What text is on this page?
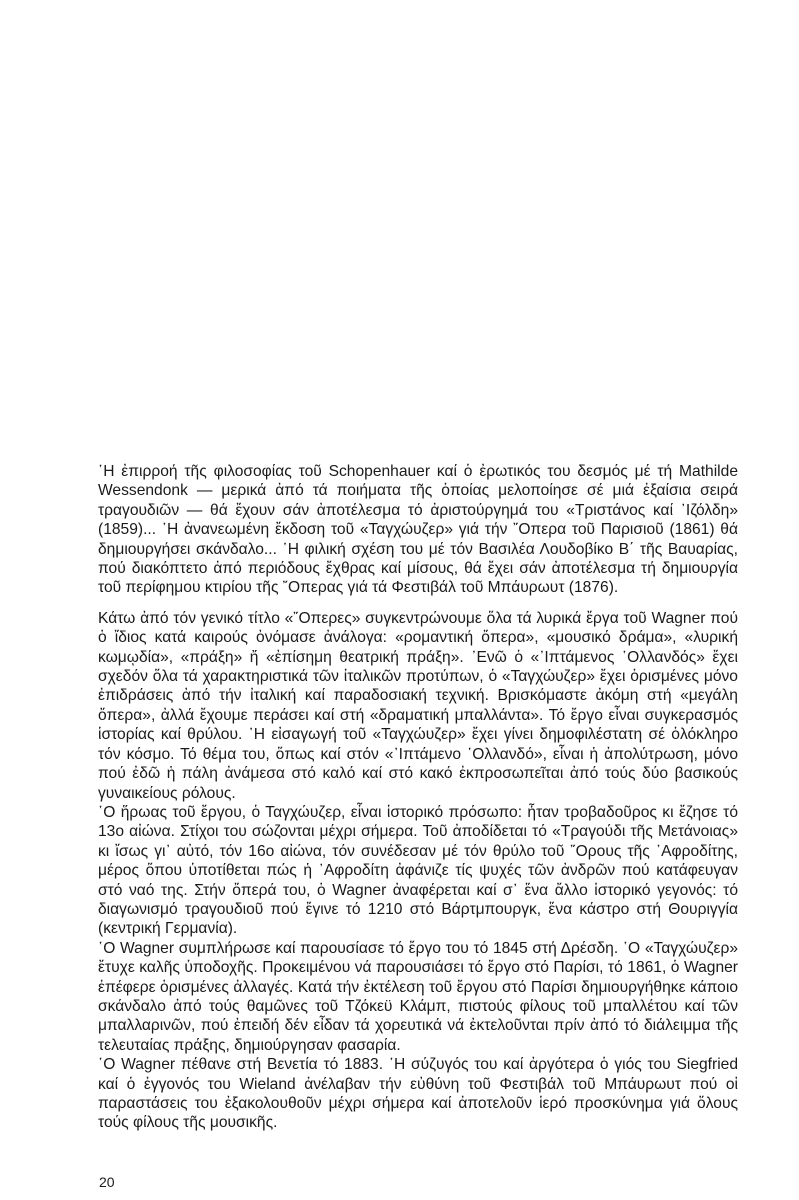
῾Η ἐπιρροή τῆς φιλοσοφίας τοῦ Schopenhauer καί ὁ ἐρωτικός του δεσμός μέ τή Mathilde Wessendonk — μερικά ἀπό τά ποιήματα τῆς ὁποίας μελοποίησε σέ μιά ἐξαίσια σειρά τραγουδιῶν — θά ἔχουν σάν ἀποτέλεσμα τό ἀριστούργημά του «Τριστάνος καί ᾽Ιζόλδη» (1859)... ῾Η ἀνανεωμένη ἔκδοση τοῦ «Ταγχώυζερ» γιά τήν ῎Οπερα τοῦ Παρισιοῦ (1861) θά δημιουργήσει σκάνδαλο... ῾Η φιλική σχέση του μέ τόν Βασιλέα Λουδοβίκο Β΄ τῆς Βαυαρίας, πού διακόπτετο ἀπό περιόδους ἔχθρας καί μίσους, θά ἔχει σάν ἀποτέλεσμα τή δημιουργία τοῦ περίφημου κτιρίου τῆς ῎Οπερας γιά τά Φεστιβάλ τοῦ Μπάυρωυτ (1876).

Κάτω ἀπό τόν γενικό τίτλο «῎Οπερες» συγκεντρώνουμε ὅλα τά λυρικά ἔργα τοῦ Wagner πού ὁ ἴδιος κατά καιρούς ὀνόμασε ἀνάλογα: «ρομαντική ὄπερα», «μουσικό δράμα», «λυρική κωμῳδία», «πράξη» ἤ «ἐπίσημη θεατρική πράξη». ᾽Ενῶ ὁ «᾽Ιπτάμενος ῾Ολλανδός» ἔχει σχεδόν ὅλα τά χαρακτηριστικά τῶν ἰταλικῶν προτύπων, ὁ «Ταγχώυζερ» ἔχει ὁρισμένες μόνο ἐπιδράσεις ἀπό τήν ἰταλική καί παραδοσιακή τεχνική. Βρισκόμαστε ἀκόμη στή «μεγάλη ὄπερα», ἀλλά ἔχουμε περάσει καί στή «δραματική μπαλλάντα». Τό ἔργο εἶναι συγκερασμός ἱστορίας καί θρύλου. ῾Η εἰσαγωγή τοῦ «Ταγχώυζερ» ἔχει γίνει δημοφιλέστατη σέ ὁλόκληρο τόν κόσμο. Τό θέμα του, ὅπως καί στόν «᾽Ιπτάμενο ῾Ολλανδό», εἶναι ἡ ἀπολύτρωση, μόνο πού ἐδῶ ἡ πάλη ἀνάμεσα στό καλό καί στό κακό ἐκπροσωπεῖται ἀπό τούς δύο βασικούς γυναικείους ρόλους.

῾Ο ἥρωας τοῦ ἔργου, ὁ Ταγχώυζερ, εἶναι ἱστορικό πρόσωπο: ἦταν τροβαδοῦρος κι ἔζησε τό 13ο αἰώνα. Στίχοι του σώζονται μέχρι σήμερα. Τοῦ ἀποδίδεται τό «Τραγούδι τῆς Μετάνοιας» κι ἴσως γι᾽ αὐτό, τόν 16ο αἰώνα, τόν συνέδεσαν μέ τόν θρύλο τοῦ ῎Ορους τῆς ᾽Αφροδίτης, μέρος ὅπου ὑποτίθεται πώς ἡ ᾽Αφροδίτη ἀφάνιζε τίς ψυχές τῶν ἀνδρῶν πού κατάφευγαν στό ναό της. Στήν ὄπερά του, ὁ Wagner ἀναφέρεται καί σ᾽ ἕνα ἄλλο ἱστορικό γεγονός: τό διαγωνισμό τραγουδιοῦ πού ἔγινε τό 1210 στό Βάρτμπουργκ, ἕνα κάστρο στή Θουριγγία (κεντρική Γερμανία).

῾Ο Wagner συμπλήρωσε καί παρουσίασε τό ἔργο του τό 1845 στή Δρέσδη. ῾Ο «Ταγχώυζερ» ἔτυχε καλῆς ὑποδοχῆς. Προκειμένου νά παρουσιάσει τό ἔργο στό Παρίσι, τό 1861, ὁ Wagner ἐπέφερε ὁρισμένες ἀλλαγές. Κατά τήν ἐκτέλεση τοῦ ἔργου στό Παρίσι δημιουργήθηκε κάποιο σκάνδαλο ἀπό τούς θαμῶνες τοῦ Τζόκεϋ Κλάμπ, πιστούς φίλους τοῦ μπαλλέτου καί τῶν μπαλλαρινῶν, πού ἐπειδή δέν εἶδαν τά χορευτικά νά ἐκτελοῦνται πρίν ἀπό τό διάλειμμα τῆς τελευταίας πράξης, δημιούργησαν φασαρία.

῾Ο Wagner πέθανε στή Βενετία τό 1883. ῾Η σύζυγός του καί ἀργότερα ὁ γιός του Siegfried καί ὁ ἐγγονός του Wieland ἀνέλαβαν τήν εὐθύνη τοῦ Φεστιβάλ τοῦ Μπάυρωυτ πού οἱ παραστάσεις του ἐξακολουθοῦν μέχρι σήμερα καί ἀποτελοῦν ἱερό προσκύνημα γιά ὅλους τούς φίλους τῆς μουσικῆς.

20
